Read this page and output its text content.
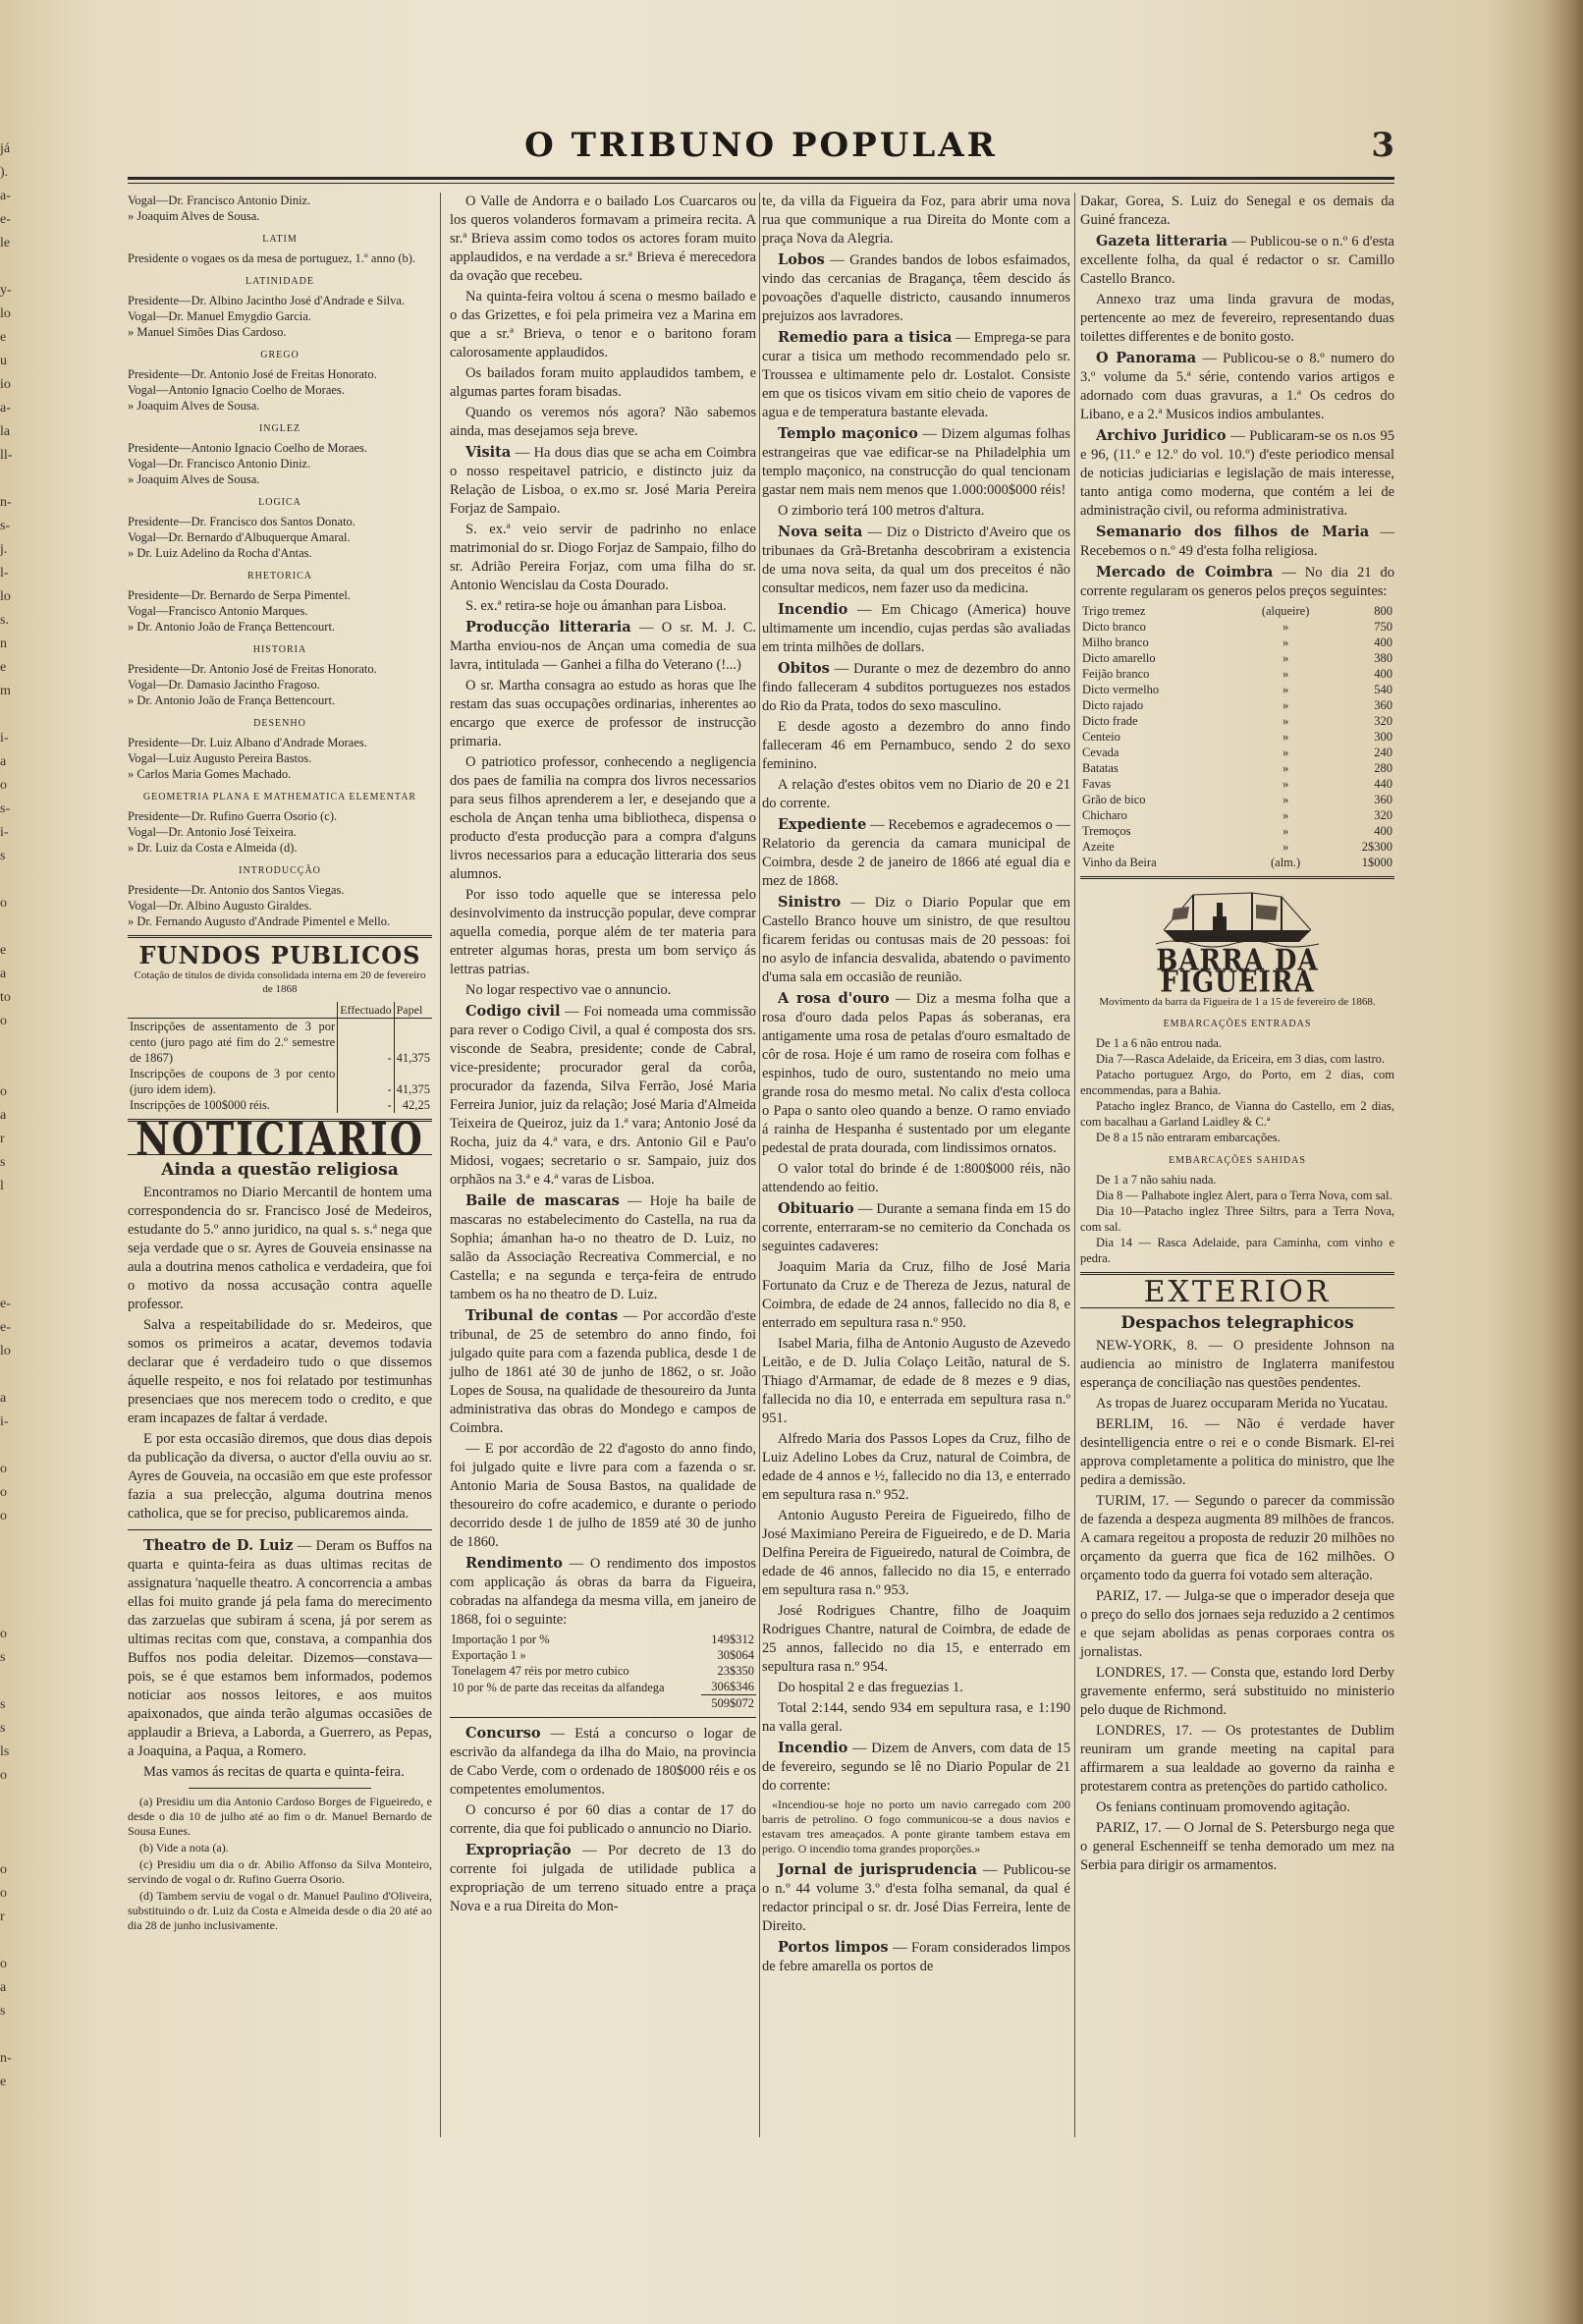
já
).
a-
e-
le
y-
lo
e
u
io
a-
la
ll-
n-
s-
j.
l-
lo
s.
n
e
m
i-
a
o
s-
i-
s
o
e
a
to
o
o
a
r
s
l
e-
e-
lo
a
i-
o
o
o
o
s
s
s
ls
o
o
o
r
o
a
s
n-
e
O TRIBUNO POPULAR	3
Vogal—Dr. Francisco Antonio Diniz.
» Joaquim Alves de Sousa.
LATIM
Presidente o vogaes os da mesa de portuguez, 1.º anno (b).
LATINIDADE
Presidente—Dr. Albino Jacintho José d'Andrade e Silva.
Vogal—Dr. Manuel Emygdio Garcia.
» Manuel Simões Dias Cardoso.
GREGO
Presidente—Dr. Antonio José de Freitas Honorato.
Vogal—Antonio Ignacio Coelho de Moraes.
» Joaquim Alves de Sousa.
INGLEZ
Presidente—Antonio Ignacio Coelho de Moraes.
Vogal—Dr. Francisco Antonio Diniz.
» Joaquim Alves de Sousa.
LOGICA
Presidente—Dr. Francisco dos Santos Donato.
Vogal—Dr. Bernardo d'Albuquerque Amaral.
» Dr. Luiz Adelino da Rocha d'Antas.
RHETORICA
Presidente—Dr. Bernardo de Serpa Pimentel.
Vogal—Francisco Antonio Marques.
» Dr. Antonio João de França Bettencourt.
HISTORIA
Presidente—Dr. Antonio José de Freitas Honorato.
Vogal—Dr. Damasio Jacintho Fragoso.
» Dr. Antonio João de França Bettencourt.
DESENHO
Presidente—Dr. Luiz Albano d'Andrade Moraes.
Vogal—Luiz Augusto Pereira Bastos.
» Carlos Maria Gomes Machado.
GEOMETRIA PLANA E MATHEMATICA ELEMENTAR
Presidente—Dr. Rufino Guerra Osorio (c).
Vogal—Dr. Antonio José Teixeira.
» Dr. Luiz da Costa e Almeida (d).
INTRODUCÇÃO
Presidente—Dr. Antonio dos Santos Viegas.
Vogal—Dr. Albino Augusto Giraldes.
» Dr. Fernando Augusto d'Andrade Pimentel e Mello.
FUNDOS PUBLICOS
Cotação de titulos de divida consolidada interna em 20 de fevereiro de 1868
	Effectuado	Papel
Inscripções de assentamento de 3 por cento (juro pago até fim do 2.º semestre de 1867)	-	41,375
Inscripções de coupons de 3 por cento (juro idem idem).	-	41,375
Inscripções de 100$000 réis.	-	42,25
NOTICIARIO
Ainda a questão religiosa

Encontramos no Diario Mercantil de hontem uma correspondencia do sr. Francisco José de Medeiros, estudante do 5.º anno juridico, na qual s. s.ª nega que seja verdade que o sr. Ayres de Gouveia ensinasse na aula a doutrina menos catholica e verdadeira, que foi o motivo da nossa accusação contra aquelle professor.

Salva a respeitabilidade do sr. Medeiros, que somos os primeiros a acatar, devemos todavia declarar que é verdadeiro tudo o que dissemos áquelle respeito, e nos foi relatado por testimunhas presenciaes que nos merecem todo o credito, e que eram incapazes de faltar á verdade.

E por esta occasião diremos, que dous dias depois da publicação da diversa, o auctor d'ella ouviu ao sr. Ayres de Gouveia, na occasião em que este professor fazia a sua prelecção, alguma doutrina menos catholica, que se for preciso, publicaremos ainda.

Theatro de D. Luiz — Deram os Buffos na quarta e quinta-feira as duas ultimas recitas de assignatura 'naquelle theatro. A concorrencia a ambas ellas foi muito grande já pela fama do merecimento das zarzuelas que subiram á scena, já por serem as ultimas recitas com que, constava, a companhia dos Buffos nos podia deleitar. Dizemos—constava—pois, se é que estamos bem informados, podemos noticiar aos nossos leitores, e aos muitos apaixonados, que ainda terão algumas occasiões de applaudir a Brieva, a Laborda, a Guerrero, as Pepas, a Joaquina, a Paqua, a Romero.

Mas vamos ás recitas de quarta e quinta-feira.

(a) Presidiu um dia Antonio Cardoso Borges de Figueiredo, e desde o dia 10 de julho até ao fim o dr. Manuel Bernardo de Sousa Eunes.
(b) Vide a nota (a).
(c) Presidiu um dia o dr. Abilio Affonso da Silva Monteiro, servindo de vogal o dr. Rufino Guerra Osorio.
(d) Tambem serviu de vogal o dr. Manuel Paulino d'Oliveira, substituindo o dr. Luiz da Costa e Almeida desde o dia 20 até ao dia 28 de junho inclusivamente.

O Valle de Andorra e o bailado Los Cuarcaros ou los queros volanderos formavam a primeira recita. A sr.ª Brieva assim como todos os actores foram muito applaudidos, e na verdade a sr.ª Brieva é merecedora da ovação que recebeu.

Na quinta-feira voltou á scena o mesmo bailado e o das Grizettes, e foi pela primeira vez a Marina em que a sr.ª Brieva, o tenor e o baritono foram calorosamente applaudidos.

Os bailados foram muito applaudidos tambem, e algumas partes foram bisadas.

Quando os veremos nós agora? Não sabemos ainda, mas desejamos seja breve.

Visita — Ha dous dias que se acha em Coimbra o nosso respeitavel patricio, e distincto juiz da Relação de Lisboa, o ex.mo sr. José Maria Pereira Forjaz de Sampaio.

S. ex.ª veio servir de padrinho no enlace matrimonial do sr. Diogo Forjaz de Sampaio, filho do sr. Adrião Pereira Forjaz, com uma filha do sr. Antonio Wencislau da Costa Dourado.

S. ex.ª retira-se hoje ou ámanhan para Lisboa.

Producção litteraria — O sr. M. J. C. Martha enviou-nos de Ançan uma comedia de sua lavra, intitulada — Ganhei a filha do Veterano (!...)

O sr. Martha consagra ao estudo as horas que lhe restam das suas occupações ordinarias, inherentes ao encargo que exerce de professor de instrucção primaria.

O patriotico professor, conhecendo a negligencia dos paes de familia na compra dos livros necessarios para seus filhos aprenderem a ler, e desejando que a eschola de Ançan tenha uma bibliotheca, dispensa o producto d'esta producção para a compra d'alguns livros necessarios para a educação litteraria dos seus alumnos.

Por isso todo aquelle que se interessa pelo desinvolvimento da instrucção popular, deve comprar aquella comedia, porque além de ter materia para entreter algumas horas, presta um bom serviço ás lettras patrias.

No logar respectivo vae o annuncio.

Codigo civil — Foi nomeada uma commissão para rever o Codigo Civil, a qual é composta dos srs. visconde de Seabra, presidente; conde de Cabral, vice-presidente; procurador geral da corôa, procurador da fazenda, Silva Ferrão, José Maria Ferreira Junior, juiz da relação; José Maria d'Almeida Teixeira de Queiroz, juiz da 1.ª vara; Antonio José da Rocha, juiz da 4.ª vara, e drs. Antonio Gil e Pau'o Midosi, vogaes; secretario o sr. Sampaio, juiz dos orphãos na 3.ª e 4.ª varas de Lisboa.

Baile de mascaras — Hoje ha baile de mascaras no estabelecimento do Castella, na rua da Sophia; ámanhan ha-o no theatro de D. Luiz, no salão da Associação Recreativa Commercial, e no Castella; e na segunda e terça-feira de entrudo tambem os ha no theatro de D. Luiz.

Tribunal de contas — Por accordão d'este tribunal, de 25 de setembro do anno findo, foi julgado quite para com a fazenda publica, desde 1 de julho de 1861 até 30 de junho de 1862, o sr. João Lopes de Sousa, na qualidade de thesoureiro da Junta administrativa das obras do Mondego e campos de Coimbra.

— E por accordão de 22 d'agosto do anno findo, foi julgado quite e livre para com a fazenda o sr. Antonio Maria de Sousa Bastos, na qualidade de thesoureiro do cofre academico, e durante o periodo decorrido desde 1 de julho de 1859 até 30 de junho de 1860.

Rendimento — O rendimento dos impostos com applicação ás obras da barra da Figueira, cobradas na alfandega da mesma villa, em janeiro de 1868, foi o seguinte:

Importação 1 por %	149$312
Exportação 1 »	30$064
Tonelagem 47 réis por metro cubico	23$350
10 por % de parte das receitas da alfandega	306$346
	509$072

Concurso — Está a concurso o logar de escrivão da alfandega da ilha do Maio, na provincia de Cabo Verde, com o ordenado de 180$000 réis e os competentes emolumentos.

O concurso é por 60 dias a contar de 17 do corrente, dia que foi publicado o annuncio no Diario.

Expropriação — Por decreto de 13 do corrente foi julgada de utilidade publica a expropriação de um terreno situado entre a praça Nova e a rua Direita do Mon-

te, da villa da Figueira da Foz, para abrir uma nova rua que communique a rua Direita do Monte com a praça Nova da Alegria.

Lobos — Grandes bandos de lobos esfaimados, vindo das cercanias de Bragança, têem descido ás povoações d'aquelle districto, causando innumeros prejuizos aos lavradores.

Remedio para a tisica — Emprega-se para curar a tisica um methodo recommendado pelo sr. Troussea e ultimamente pelo dr. Lostalot. Consiste em que os tisicos vivam em sitio cheio de vapores de agua e de temperatura bastante elevada.

Templo maçonico — Dizem algumas folhas estrangeiras que vae edificar-se na Philadelphia um templo maçonico, na construcção do qual tencionam gastar nem mais nem menos que 1.000:000$000 réis!

O zimborio terá 100 metros d'altura.

Nova seita — Diz o Districto d'Aveiro que os tribunaes da Grã-Bretanha descobriram a existencia de uma nova seita, da qual um dos preceitos é não consultar medicos, nem fazer uso da medicina.

Incendio — Em Chicago (America) houve ultimamente um incendio, cujas perdas são avaliadas em trinta milhões de dollars.

Obitos — Durante o mez de dezembro do anno findo falleceram 4 subditos portuguezes nos estados do Rio da Prata, todos do sexo masculino.

E desde agosto a dezembro do anno findo falleceram 46 em Pernambuco, sendo 2 do sexo feminino.

A relação d'estes obitos vem no Diario de 20 e 21 do corrente.

Expediente — Recebemos e agradecemos o — Relatorio da gerencia da camara municipal de Coimbra, desde 2 de janeiro de 1866 até egual dia e mez de 1868.

Sinistro — Diz o Diario Popular que em Castello Branco houve um sinistro, de que resultou ficarem feridas ou contusas mais de 20 pessoas: foi no asylo de infancia desvalida, abatendo o pavimento d'uma sala em occasião de reunião.

A rosa d'ouro — Diz a mesma folha que a rosa d'ouro dada pelos Papas ás soberanas, era antigamente uma rosa de petalas d'ouro esmaltado de côr de rosa. Hoje é um ramo de roseira com folhas e espinhos, tudo de ouro, sustentando no meio uma grande rosa do mesmo metal. No calix d'esta colloca o Papa o santo oleo quando a benze. O ramo enviado á rainha de Hespanha é sustentado por um elegante pedestal de prata dourada, com lindissimos ornatos.

O valor total do brinde é de 1:800$000 réis, não attendendo ao feitio.

Obituario — Durante a semana finda em 15 do corrente, enterraram-se no cemiterio da Conchada os seguintes cadaveres:

Joaquim Maria da Cruz, filho de José Maria Fortunato da Cruz e de Thereza de Jezus, natural de Coimbra, de edade de 24 annos, fallecido no dia 8, e enterrado em sepultura rasa n.º 950.

Isabel Maria, filha de Antonio Augusto de Azevedo Leitão, e de D. Julia Colaço Leitão, natural de S. Thiago d'Armamar, de edade de 8 mezes e 9 dias, fallecida no dia 10, e enterrada em sepultura rasa n.º 951.

Alfredo Maria dos Passos Lopes da Cruz, filho de Luiz Adelino Lobes da Cruz, natural de Coimbra, de edade de 4 annos e ½, fallecido no dia 13, e enterrado em sepultura rasa n.º 952.

Antonio Augusto Pereira de Figueiredo, filho de José Maximiano Pereira de Figueiredo, e de D. Maria Delfina Pereira de Figueiredo, natural de Coimbra, de edade de 46 annos, fallecido no dia 15, e enterrado em sepultura rasa n.º 953.

José Rodrigues Chantre, filho de Joaquim Rodrigues Chantre, natural de Coimbra, de edade de 25 annos, fallecido no dia 15, e enterrado em sepultura rasa n.º 954.

Do hospital 2 e das freguezias 1.

Total 2:144, sendo 934 em sepultura rasa, e 1:190 na valla geral.

Incendio — Dizem de Anvers, com data de 15 de fevereiro, segundo se lê no Diario Popular de 21 do corrente:

«Incendiou-se hoje no porto um navio carregado com 200 barris de petrolino. O fogo communicou-se a dous navios e estavam tres ameaçados. A ponte girante tambem estava em perigo. O incendio toma grandes proporções.»

Jornal de jurisprudencia — Publicou-se o n.º 44 volume 3.º d'esta folha semanal, da qual é redactor principal o sr. dr. José Dias Ferreira, lente de Direito.

Portos limpos — Foram considerados limpos de febre amarella os portos de

Dakar, Gorea, S. Luiz do Senegal e os demais da Guiné franceza.

Gazeta litteraria — Publicou-se o n.º 6 d'esta excellente folha, da qual é redactor o sr. Camillo Castello Branco.

Annexo traz uma linda gravura de modas, pertencente ao mez de fevereiro, representando duas toilettes differentes e de bonito gosto.

O Panorama — Publicou-se o 8.º numero do 3.º volume da 5.ª série, contendo varios artigos e adornado com duas gravuras, a 1.ª Os cedros do Libano, e a 2.ª Musicos indios ambulantes.

Archivo Juridico — Publicaram-se os n.os 95 e 96, (11.º e 12.º do vol. 10.º) d'este periodico mensal de noticias judiciarias e legislação de mais interesse, tanto antiga como moderna, que contém a lei de administração civil, ou reforma administrativa.

Semanario dos filhos de Maria — Recebemos o n.º 49 d'esta folha religiosa.

Mercado de Coimbra — No dia 21 do corrente regularam os generos pelos preços seguintes:

Trigo tremez	(alqueire)	800
Dicto branco	»	750
Milho branco	»	400
Dicto amarello	»	380
Feijão branco	»	400
Dicto vermelho	»	540
Dicto rajado	»	360
Dicto frade	»	320
Centeio	»	300
Cevada	»	240
Batatas	»	280
Favas	»	440
Grão de bico	»	360
Chicharo	»	320
Tremoços	»	400
Azeite	»	2$300
Vinho da Beira	(alm.)	1$000
BARRA DA FIGUEIRA
Movimento da barra da Figueira de 1 a 15 de fevereiro de 1868.
EMBARCAÇÕES ENTRADAS
De 1 a 6 não entrou nada.
Dia 7—Rasca Adelaide, da Ericeira, em 3 dias, com lastro.
Patacho portuguez Argo, do Porto, em 2 dias, com encommendas, para a Bahia.
Patacho inglez Branco, de Vianna do Castello, em 2 dias, com bacalhau a Garland Laidley & C.ª
De 8 a 15 não entraram embarcações.
EMBARCAÇÕES SAHIDAS
De 1 a 7 não sahiu nada.
Dia 8 — Palhabote inglez Alert, para o Terra Nova, com sal.
Dia 10—Patacho inglez Three Siltrs, para a Terra Nova, com sal.
Dia 14 — Rasca Adelaide, para Caminha, com vinho e pedra.
EXTERIOR
Despachos telegraphicos

NEW-YORK, 8. — O presidente Johnson na audiencia ao ministro de Inglaterra manifestou esperança de conciliação nas questões pendentes.

As tropas de Juarez occuparam Merida no Yucatau.

BERLIM, 16. — Não é verdade haver desintelligencia entre o rei e o conde Bismark. El-rei approva completamente a politica do ministro, que lhe pedira a demissão.

TURIM, 17. — Segundo o parecer da commissão de fazenda a despeza augmenta 89 milhões de francos. A camara regeitou a proposta de reduzir 20 milhões no orçamento da guerra que fica de 162 milhões. O orçamento todo da guerra foi votado sem alteração.

PARIZ, 17. — Julga-se que o imperador deseja que o preço do sello dos jornaes seja reduzido a 2 centimos e que sejam abolidas as penas corporaes contra os jornalistas.

LONDRES, 17. — Consta que, estando lord Derby gravemente enfermo, será substituido no ministerio pelo duque de Richmond.

LONDRES, 17. — Os protestantes de Dublim reuniram um grande meeting na capital para affirmarem a sua lealdade ao governo da rainha e protestarem contra as pretenções do partido catholico.

Os fenians continuam promovendo agitação.

PARIZ, 17. — O Jornal de S. Petersburgo nega que o general Eschenneiff se tenha demorado um mez na Serbia para dirigir os armamentos.
